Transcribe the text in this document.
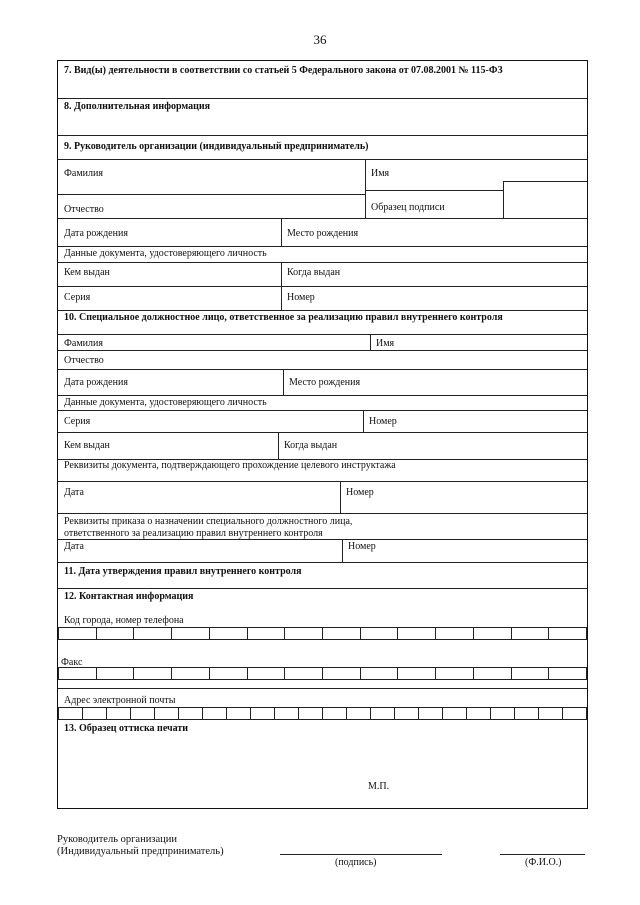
36
7. Вид(ы) деятельности в соответствии со статьей 5 Федерального закона от 07.08.2001 № 115-ФЗ
8. Дополнительная информация
9. Руководитель организации (индивидуальный предприниматель)
Фамилия	Имя
Отчество	Образец подписи
Дата рождения	Место рождения
Данные документа, удостоверяющего личность
Кем выдан	Когда выдан
Серия	Номер
10. Специальное должностное лицо, ответственное за реализацию правил внутреннего контроля
Фамилия	Имя
Отчество
Дата рождения	Место рождения
Данные документа, удостоверяющего личность
Серия	Номер
Кем выдан	Когда выдан
Реквизиты документа, подтверждающего прохождение целевого инструктажа
Дата	Номер
Реквизиты приказа о назначении специального должностного лица,
ответственного за реализацию правил внутреннего контроля
Дата	Номер
11. Дата утверждения правил внутреннего контроля
12. Контактная информация
Код города, номер телефона
Факс
Адрес электронной почты
13. Образец оттиска печати
М.П.
Руководитель организации
(Индивидуальный предприниматель)
(подпись)	(Ф.И.О.)
